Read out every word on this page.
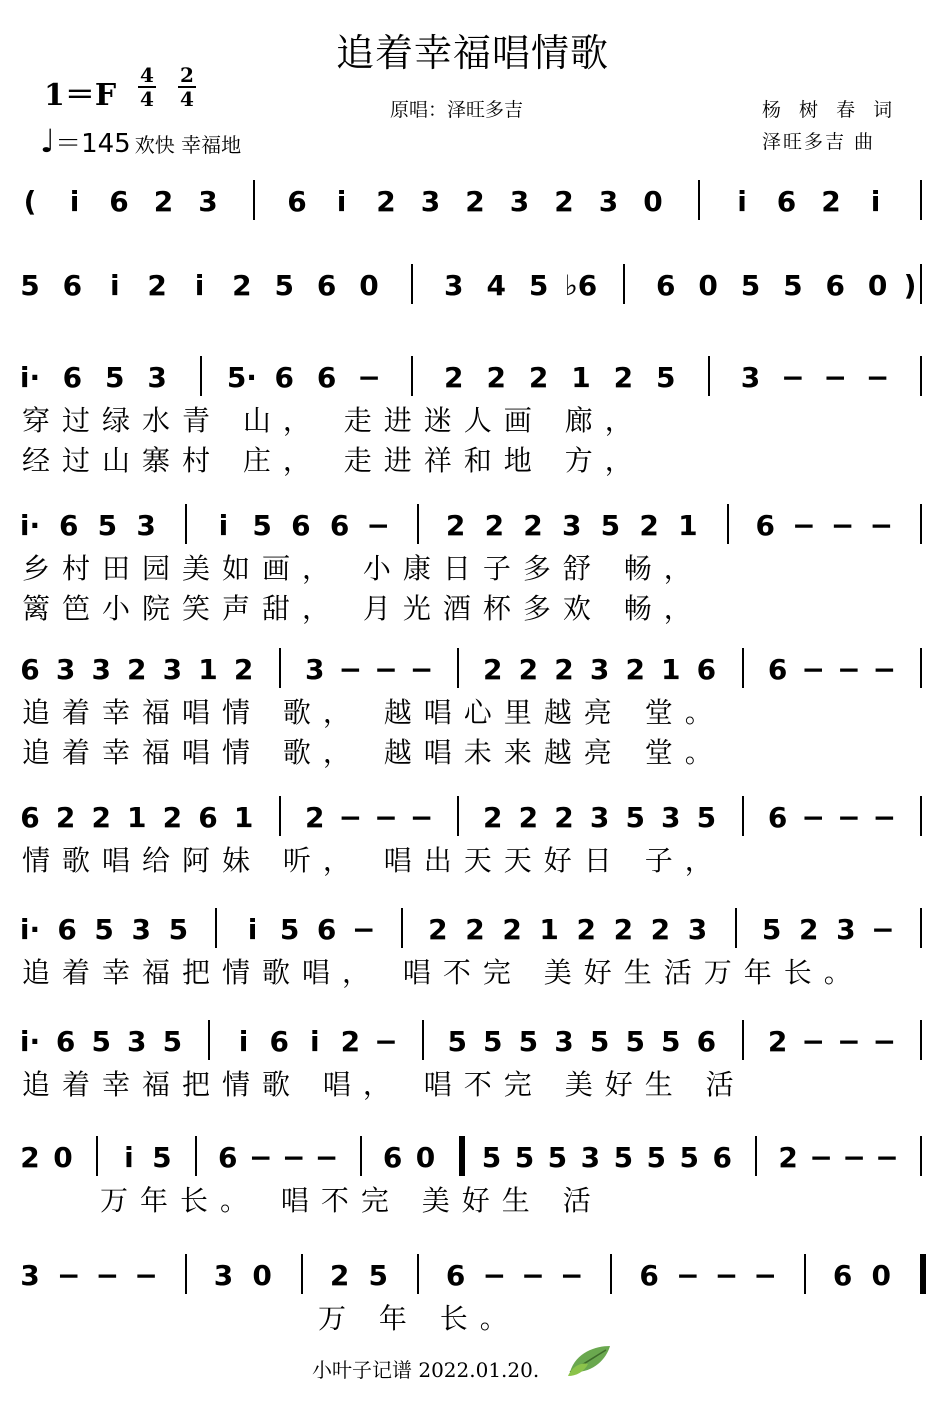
追着幸福唱情歌
1＝F
4
4
2
4
♩＝145 欢快 幸福地
原唱：泽旺多吉	杨 树 春 词
泽旺多吉 曲
( i 6 2 3 6 i 2 3 2 3 2 3 0	i 6 2 i
5 6 i 2 i 2 5 6 0 3 4 5 ♭6 6 0 5 5 6 0 )
i· 6 5 3 5· 6 6 − 2 2 2 1 2 5 3 − − −
穿过绿水青 山， 走进迷人画 廊，
经过山寨村 庄， 走进祥和地 方，
i· 6 5 3 i 5 6 6 − 2 2 2 3 5 2 1 6 − − −
乡村田园美如画， 小康日子多舒 畅，
篱笆小院笑声甜， 月光酒杯多欢 畅，
6 3 3 2 3 1 2 3 − − − 2 2 2 3 2 1 6 6 − − −
追着幸福唱情 歌， 越唱心里越亮 堂。
追着幸福唱情 歌， 越唱未来越亮 堂。
6 2 2 1 2 6 1 2 − − − 2 2 2 3 5 3 5 6 − − −
情歌唱给阿妹 听， 唱出天天好日 子，
i· 6 5 3 5 i 5 6 − 2 2 2 1 2 2 2 3 5 2 3 −
追着幸福把情歌唱， 唱不完 美好生活万年长。
i· 6 5 3 5 i 6 i 2 − 5 5 5 3 5 5 5 6 2 − − −
追着幸福把情歌 唱， 唱不完 美好生 活
2 0 i 5 6 − − − 6 0 5 5 5 3 5 5 5 6 2 − − −
万年长。 唱不完 美好生 活
3 − − − 3 0 2 5 6 − − − 6 − − − 6 0
万 年 长。
小叶子记谱 2022.01.20.
